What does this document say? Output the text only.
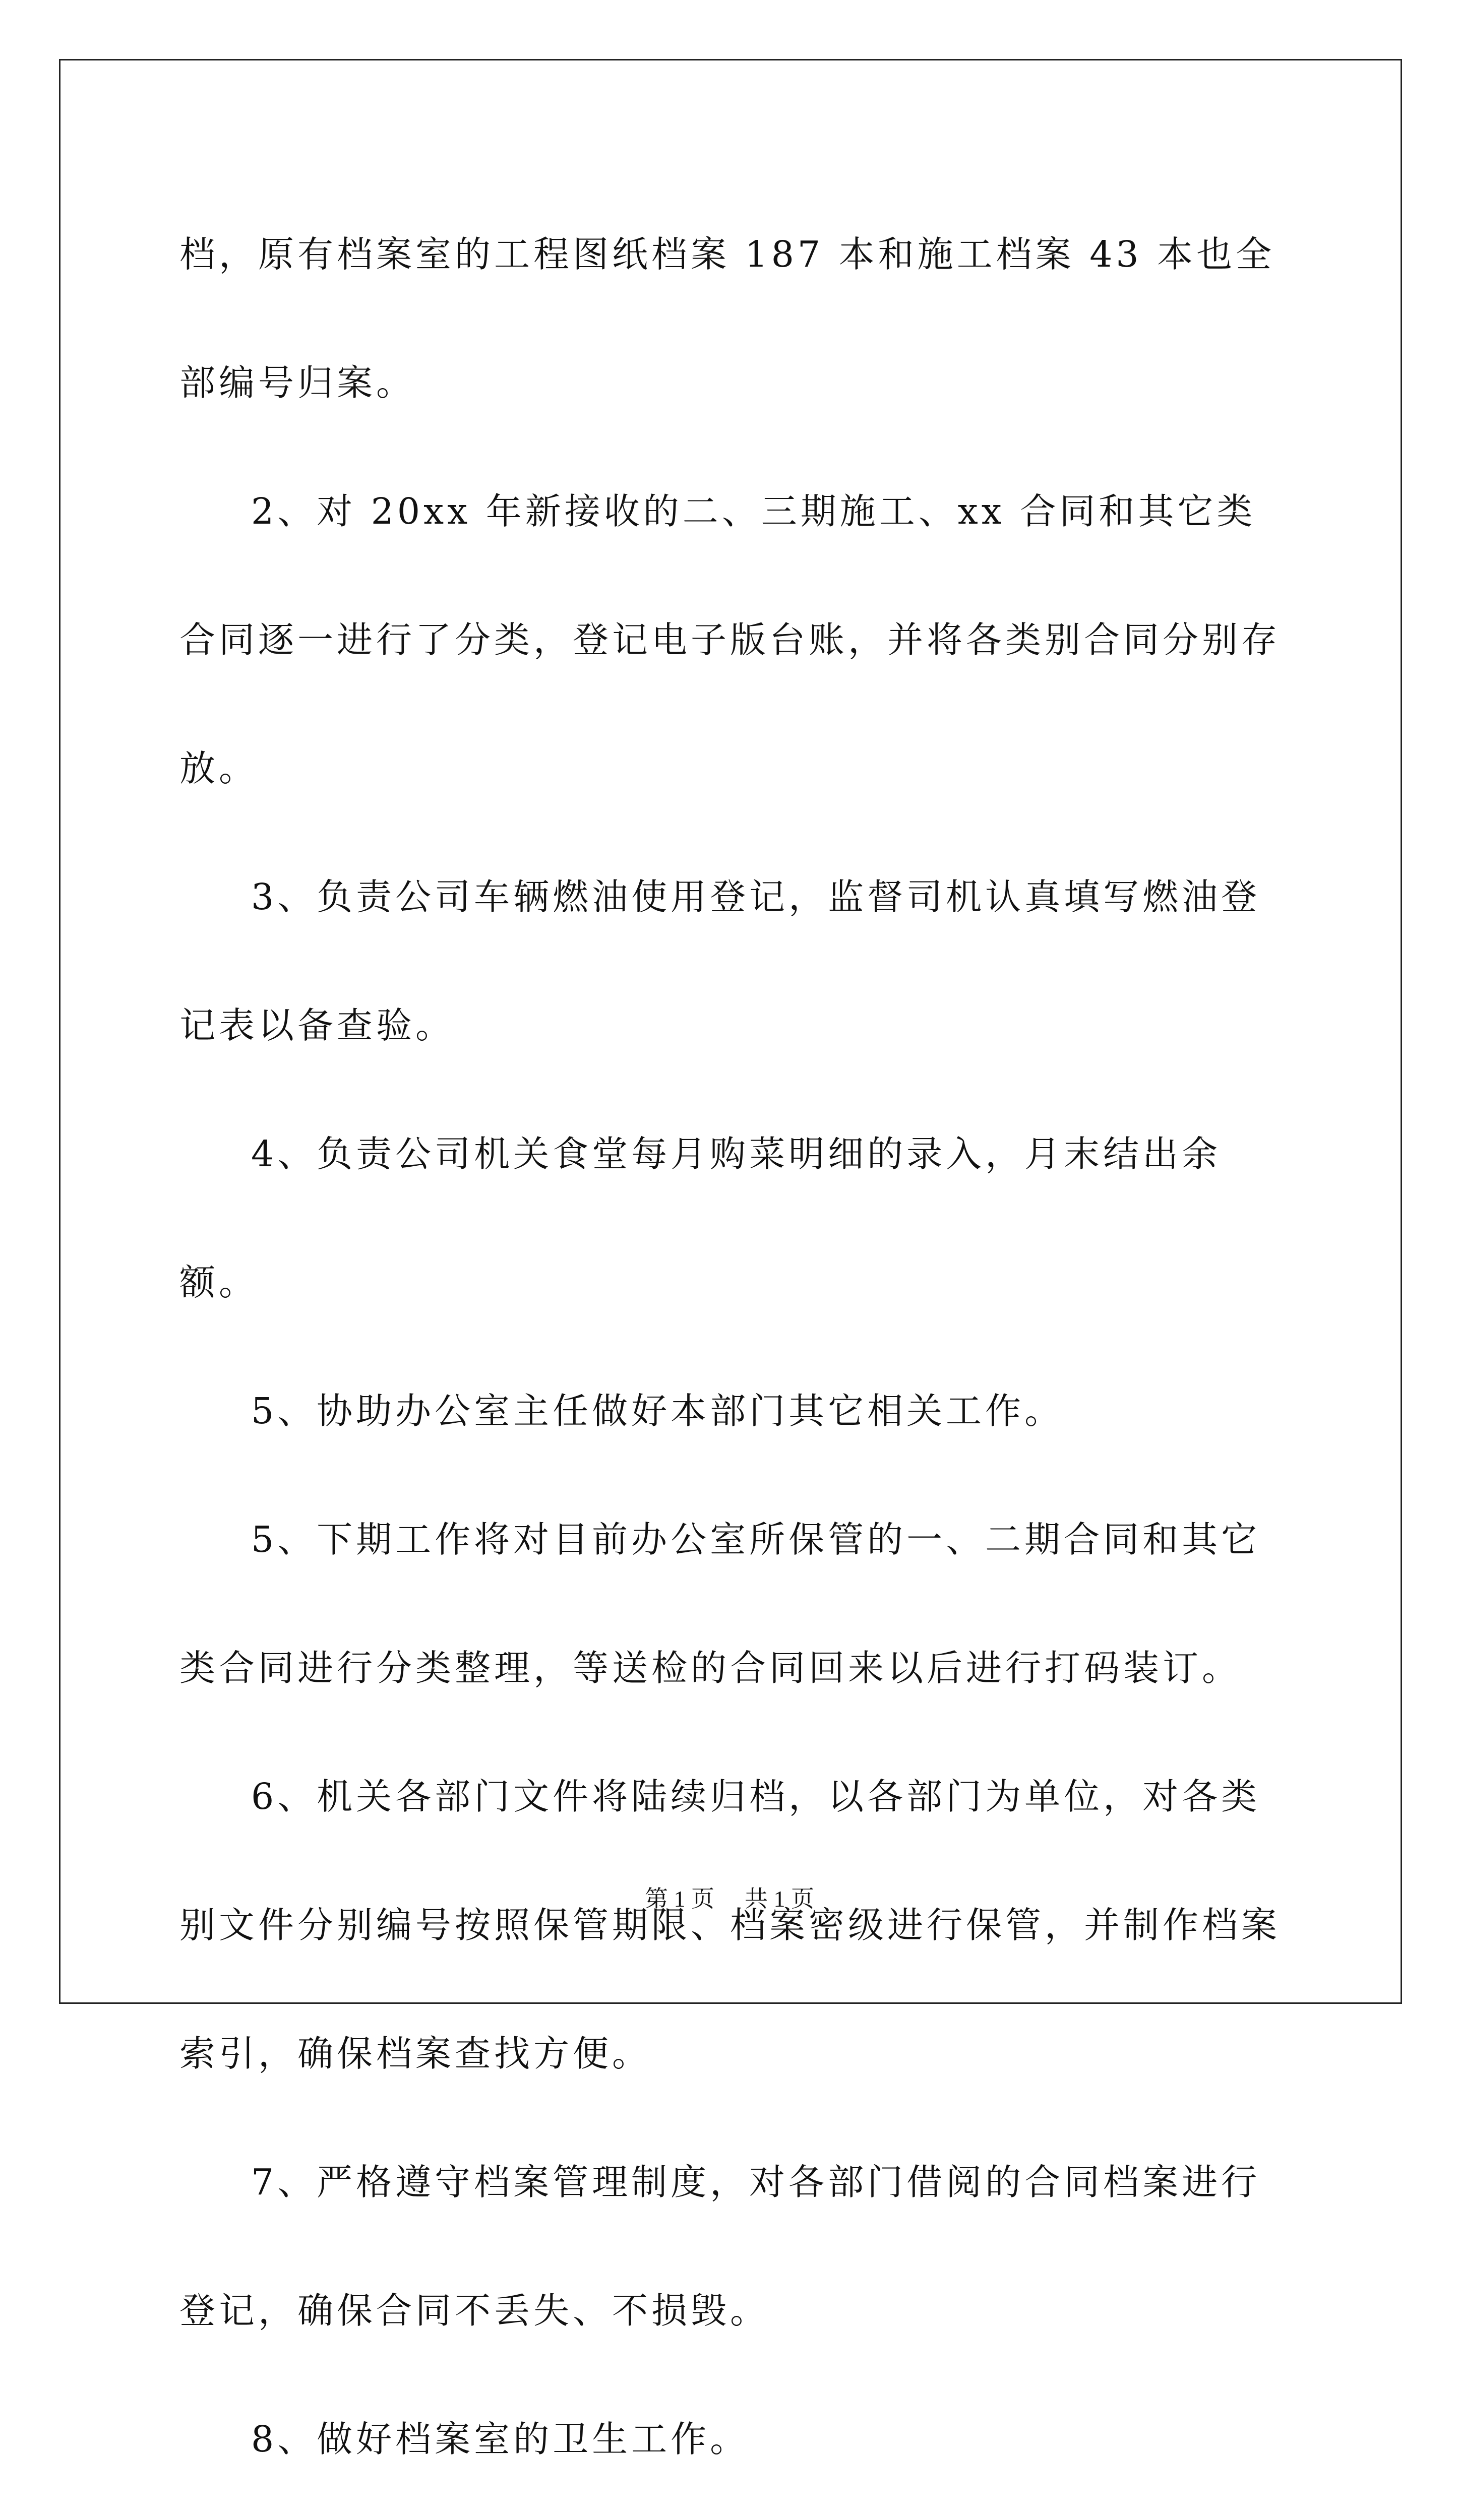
档，原有档案室的工程图纸档案 187 本和施工档案 43 本也全部编号归案。

2、对 20xx 年新接收的二、三期施工、xx 合同和其它类合同逐一进行了分类，登记电子版台账，并将各类别合同分别存放。

3、负责公司车辆燃油使用登记，监督司机认真填写燃油登记表以备查验。

4、负责公司机关食堂每月购菜明细的录入，月末结出余额。

5、协助办公室主任做好本部门其它相关工作。

5、下期工作将对目前办公室所保管的一、二期合同和其它类合同进行分类整理，等送检的合同回来以后进行打码装订。

6、机关各部门文件将陆续归档，以各部门为单位，对各类别文件分别编号按照保管期限、档案密级进行保管，并制作档案索引，确保档案查找方便。

7、严格遵守档案管理制度，对各部门借阅的合同档案进行登记，确保合同不丢失、不损毁。

8、做好档案室的卫生工作。

第 1 页 共 1 页
